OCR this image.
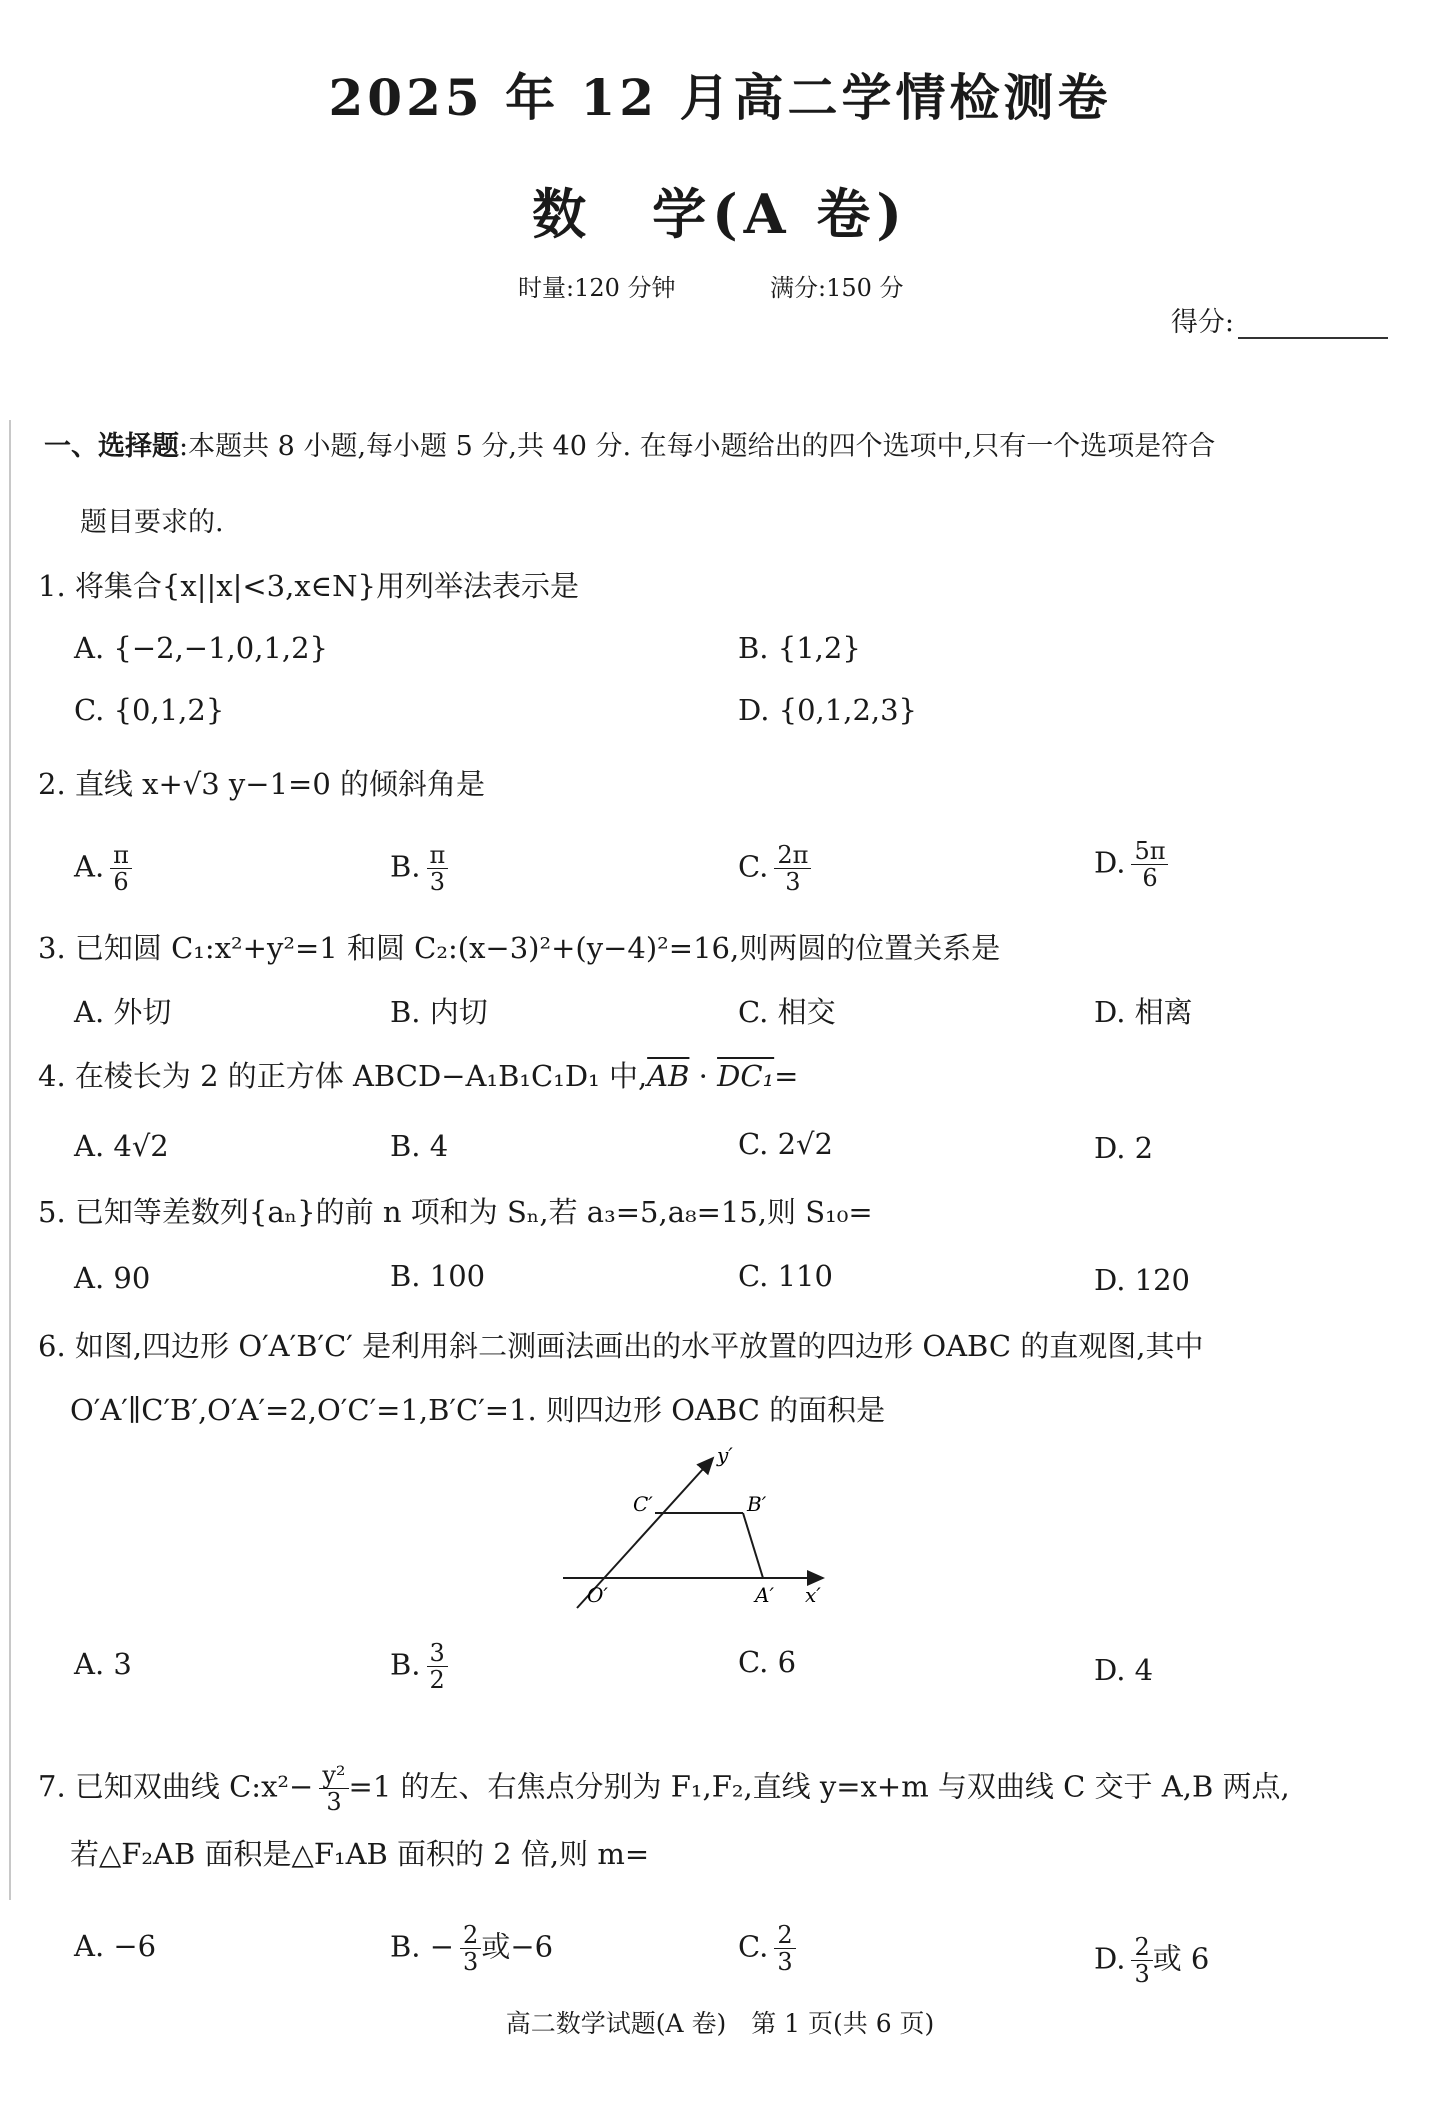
2025 年 12 月高二学情检测卷
数　学(A 卷)
时量:120 分钟	满分:150 分
得分:
一、选择题:本题共 8 小题,每小题 5 分,共 40 分. 在每小题给出的四个选项中,只有一个选项是符合
题目要求的.
1. 将集合{x||x|<3,x∈N}用列举法表示是
A. {−2,−1,0,1,2}	B. {1,2}
C. {0,1,2}	D. {0,1,2,3}
2. 直线 x+√3 y−1=0 的倾斜角是
A. $\frac{\pi}{6}$	B. $\frac{\pi}{3}$	C. $\frac{2\pi}{3}$	D. $\frac{5\pi}{6}$
3. 已知圆 C₁:x²+y²=1 和圆 C₂:(x−3)²+(y−4)²=16,则两圆的位置关系是
A. 外切	B. 内切	C. 相交	D. 相离
4. 在棱长为 2 的正方体 ABCD−A₁B₁C₁D₁ 中$,\overline{AB} \cdot DC_1=$
A. 4√2	B. 4	C. 2√2	D. 2
5. 已知等差数列{aₙ}的前 n 项和为 Sₙ,若 a₃=5,a₈=15,则 S₁₀=
A. 90	B. 100	C. 110	D. 120
6. 如图,四边形 O′A′B′C′ 是利用斜二测画法画出的水平放置的四边形 OABC 的直观图,其中
O′A′∥C′B′,O′A′=2,O′C′=1,B′C′=1. 则四边形 OABC 的面积是
y′
C′	B′
O′	A′ x′
A. 3	B. $\frac{3}{2}$	C. 6	D. 4
7. 已知双曲线 C:x²− $\frac{\text{y²}}{3} =1$ 的左、右焦点分别为 F₁,F₂,直线 y=x+m 与双曲线 C 交于 A,B 两点,
若△F₂AB 面积是△F₁AB 面积的 2 倍,则 m=
A. −6	B. − $\frac{2}{3}$ 或−6	C. $\frac{2}{3}$	D. $\frac{2}{3}$ 或 6
高二数学试题(A 卷)　第 1 页(共 6 页)
